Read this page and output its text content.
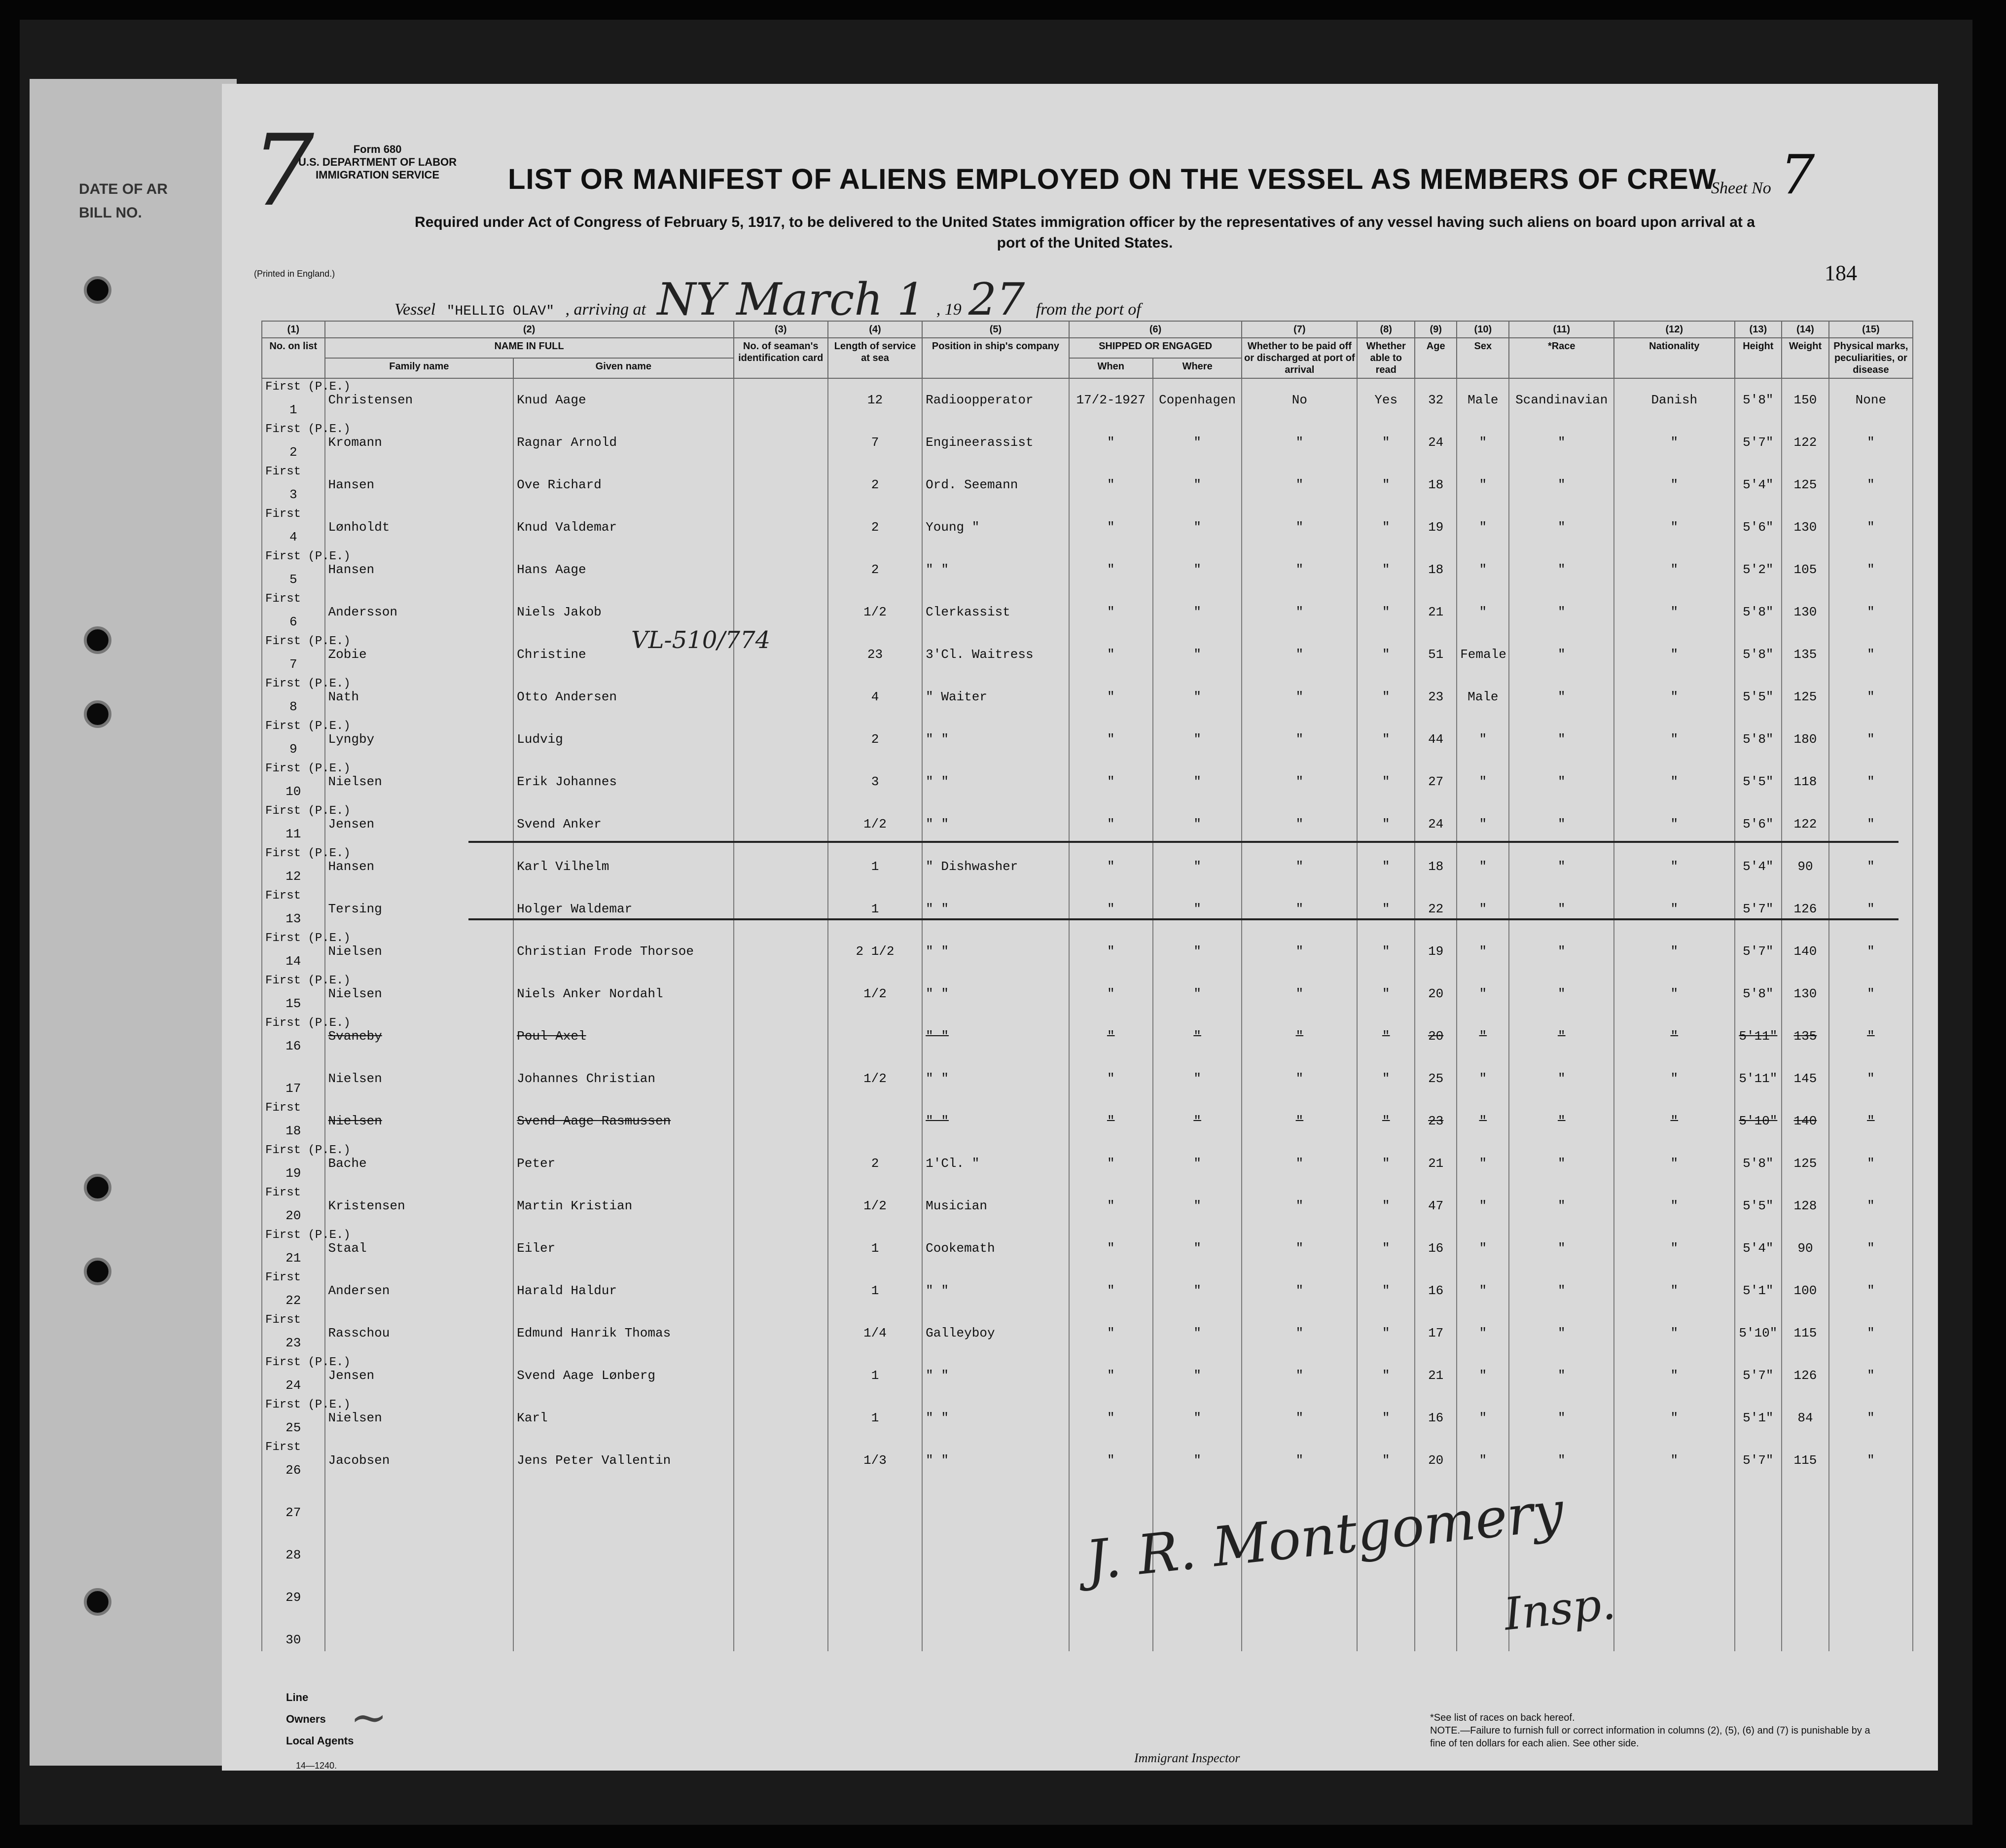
DATE OF AR
BILL NO. 7	Form 680
U.S. DEPARTMENT OF LABOR
IMMIGRATION SERVICE	LIST OR MANIFEST OF ALIENS EMPLOYED ON THE VESSEL AS MEMBERS OF CREW
Sheet No 7
Required under Act of Congress of February 5, 1917, to be delivered to the United States immigration officer by the representatives of any vessel having such aliens on board upon arrival at a
port of the United States.
(Printed in England.)	184
Vessel "HELLIG OLAV" , arriving at NY March 1 , 19 27 from the port of
(1)	(2)		(3)	(4)	(5)	(6)		(7)	(8)	(9)	(10)	(11)	(12)	(13)	(14)	(15)
No. on list	NAME IN FULL		No. of seaman's identification card	Length of service at sea	Position in ship's company	SHIPPED OR ENGAGED		Whether to be paid off or discharged at port of arrival	Whether able to read	Age	Sex	*Race	Nationality	Height	Weight	Physical marks, peculiarities, or disease
	Family name	Given name				When	Where									

First (P.E.)
1	Christensen	Knud Aage		12	Radioopperator	17/2-1927	Copenhagen	No	Yes	32	Male	Scandinavian	Danish	5'8"	150	None

First (P.E.)
2	Kromann	Ragnar Arnold		7	Engineerassist	"	"	"	"	24	"	"	"	5'7"	122	"

First
3	Hansen	Ove Richard		2	Ord. Seemann	"	"	"	"	18	"	"	"	5'4"	125	"

First
4	Lønholdt	Knud Valdemar		2	Young "	"	"	"	"	19	"	"	"	5'6"	130	"

First (P.E.)
5	Hansen	Hans Aage		2	" "	"	"	"	"	18	"	"	"	5'2"	105	"

First
6	Andersson	Niels Jakob		1/2	Clerkassist	"	"	"	"	21	"	"	"	5'8"	130	"

First (P.E.)
7	Zobie	Christine		23	3'Cl. Waitress	"	"	"	"	51	Female	"	"	5'8"	135	"

First (P.E.)
8	Nath	Otto Andersen		4	" Waiter	"	"	"	"	23	Male	"	"	5'5"	125	"

First (P.E.)
9	Lyngby	Ludvig		2	" "	"	"	"	"	44	"	"	"	5'8"	180	"

First (P.E.)
10	Nielsen	Erik Johannes		3	" "	"	"	"	"	27	"	"	"	5'5"	118	"

First (P.E.)
11	Jensen	Svend Anker		1/2	" "	"	"	"	"	24	"	"	"	5'6"	122	"

First (P.E.)
12	Hansen	Karl Vilhelm		1	" Dishwasher	"	"	"	"	18	"	"	"	5'4"	90	"

First
13	Tersing	Holger Waldemar		1	" "	"	"	"	"	22	"	"	"	5'7"	126	"

First (P.E.)
14	Nielsen	Christian Frode Thorsoe		2 1/2	" "	"	"	"	"	19	"	"	"	5'7"	140	"

First (P.E.)
15	Nielsen	Niels Anker Nordahl		1/2	" "	"	"	"	"	20	"	"	"	5'8"	130	"

First (P.E.)
16	Svaneby	Poul Axel			" "	"	"	"	"	20	"	"	"	5'11"	135	"
17	Nielsen	Johannes Christian		1/2	" "	"	"	"	"	25	"	"	"	5'11"	145	"

First
18	Nielsen	Svend Aage Rasmussen			" "	"	"	"	"	23	"	"	"	5'10"	140	"

First (P.E.)
19	Bache	Peter		2	1'Cl. "	"	"	"	"	21	"	"	"	5'8"	125	"

First
20	Kristensen	Martin Kristian		1/2	Musician	"	"	"	"	47	"	"	"	5'5"	128	"

First (P.E.)
21	Staal	Eiler		1	Cookemath	"	"	"	"	16	"	"	"	5'4"	90	"

First
22	Andersen	Harald Haldur		1	" "	"	"	"	"	16	"	"	"	5'1"	100	"

First
23	Rasschou	Edmund Hanrik Thomas		1/4	Galleyboy	"	"	"	"	17	"	"	"	5'10"	115	"

First (P.E.)
24	Jensen	Svend Aage Lønberg		1	" "	"	"	"	"	21	"	"	"	5'7"	126	"

First (P.E.)
25	Nielsen	Karl		1	" "	"	"	"	"	16	"	"	"	5'1"	84	"

First
26	Jacobsen	Jens Peter Vallentin		1/3	" "	"	"	"	"	20	"	"	"	5'7"	115	"
27																
28																
29																
30																
VL-510/774
J. R. Montgomery
Insp.
~
Line
Owners
Local Agents
14—1240.
Immigrant Inspector
*See list of races on back hereof.
NOTE.—Failure to furnish full or correct information in columns (2), (5), (6) and (7) is punishable by a fine of ten dollars for each alien. See other side.
